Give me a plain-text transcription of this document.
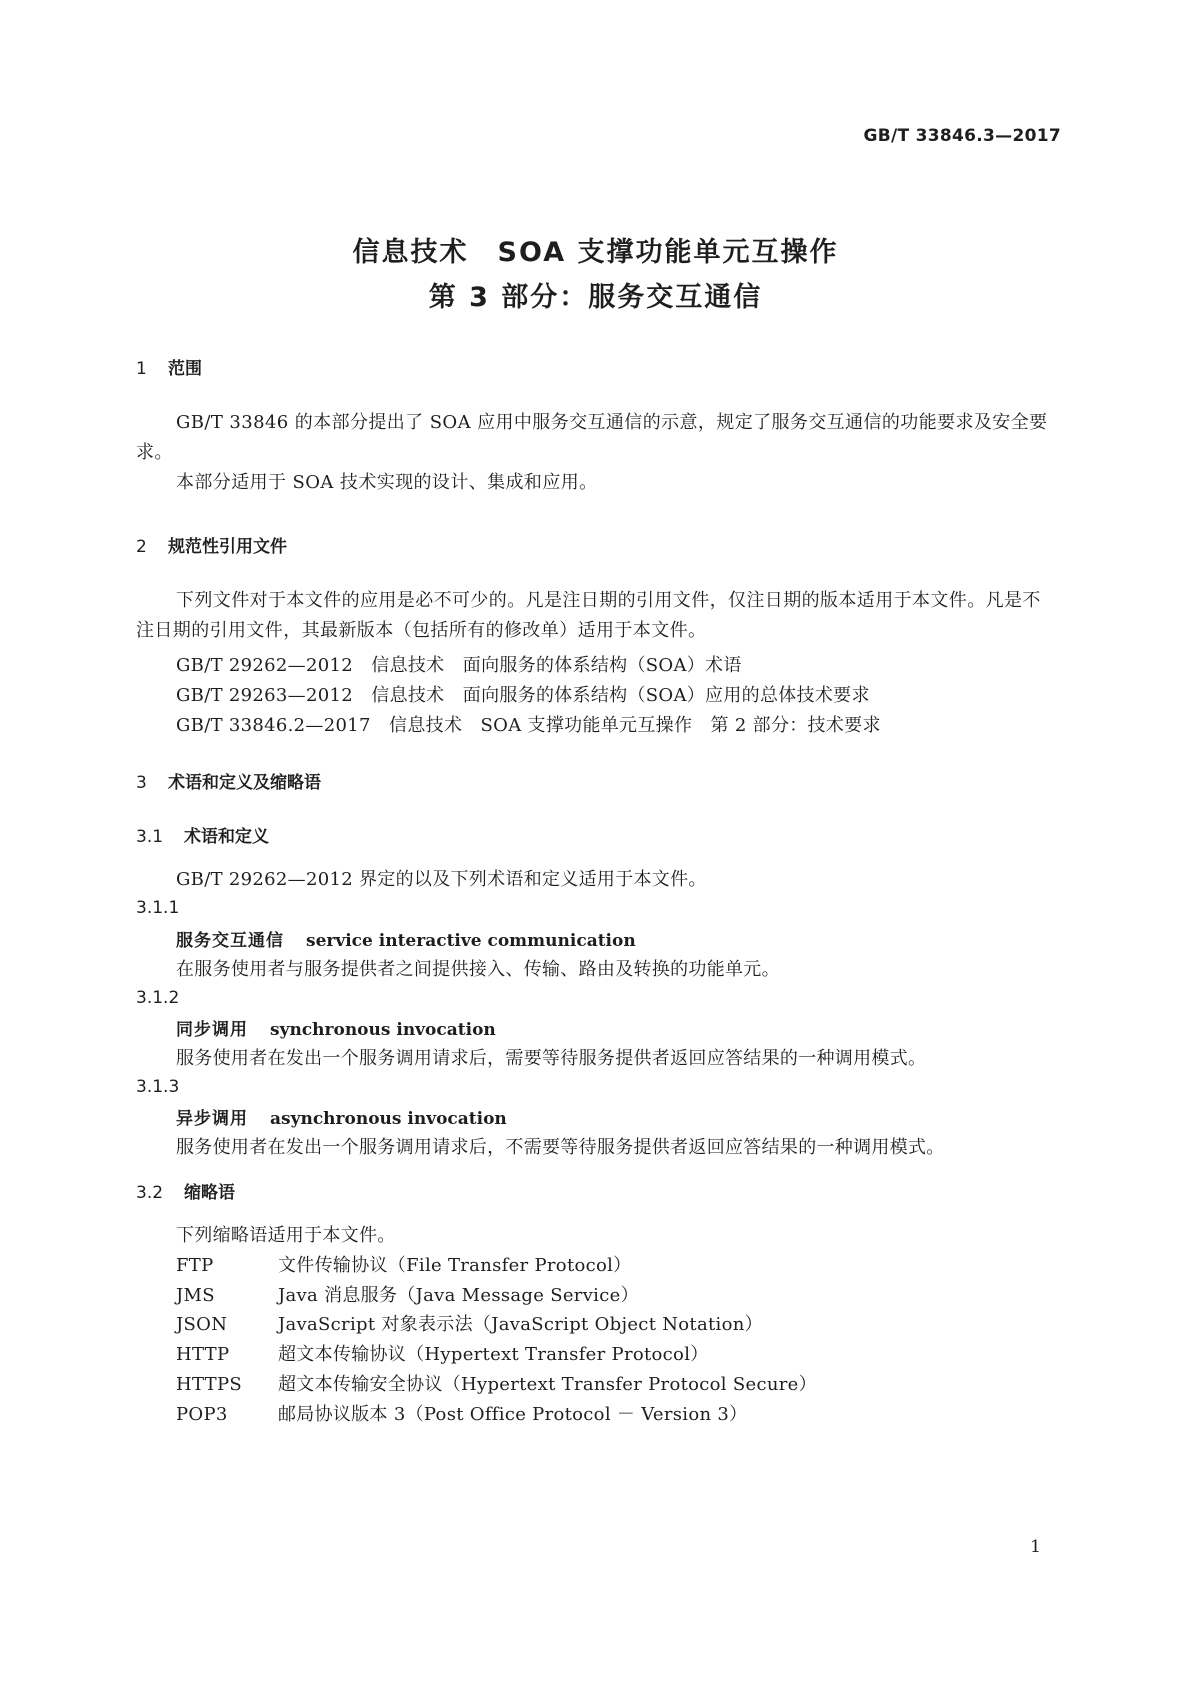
GB/T 33846.3—2017
信息技术　SOA 支撑功能单元互操作
第 3 部分：服务交互通信
1 范围
GB/T 33846 的本部分提出了 SOA 应用中服务交互通信的示意，规定了服务交互通信的功能要求及安全要求。
本部分适用于 SOA 技术实现的设计、集成和应用。
2 规范性引用文件
下列文件对于本文件的应用是必不可少的。凡是注日期的引用文件，仅注日期的版本适用于本文件。凡是不注日期的引用文件，其最新版本（包括所有的修改单）适用于本文件。
GB/T 29262—2012　信息技术　面向服务的体系结构（SOA）术语
GB/T 29263—2012　信息技术　面向服务的体系结构（SOA）应用的总体技术要求
GB/T 33846.2—2017　信息技术　SOA 支撑功能单元互操作　第 2 部分：技术要求
3 术语和定义及缩略语
3.1 术语和定义
GB/T 29262—2012 界定的以及下列术语和定义适用于本文件。
3.1.1
服务交互通信 service interactive communication
在服务使用者与服务提供者之间提供接入、传输、路由及转换的功能单元。
3.1.2
同步调用 synchronous invocation
服务使用者在发出一个服务调用请求后，需要等待服务提供者返回应答结果的一种调用模式。
3.1.3
异步调用 asynchronous invocation
服务使用者在发出一个服务调用请求后，不需要等待服务提供者返回应答结果的一种调用模式。
3.2 缩略语
下列缩略语适用于本文件。
FTP	文件传输协议（File Transfer Protocol）
JMS	Java 消息服务（Java Message Service）
JSON	JavaScript 对象表示法（JavaScript Object Notation）
HTTP	超文本传输协议（Hypertext Transfer Protocol）
HTTPS 超文本传输安全协议（Hypertext Transfer Protocol Secure）
POP3	邮局协议版本 3（Post Office Protocol － Version 3）
1
